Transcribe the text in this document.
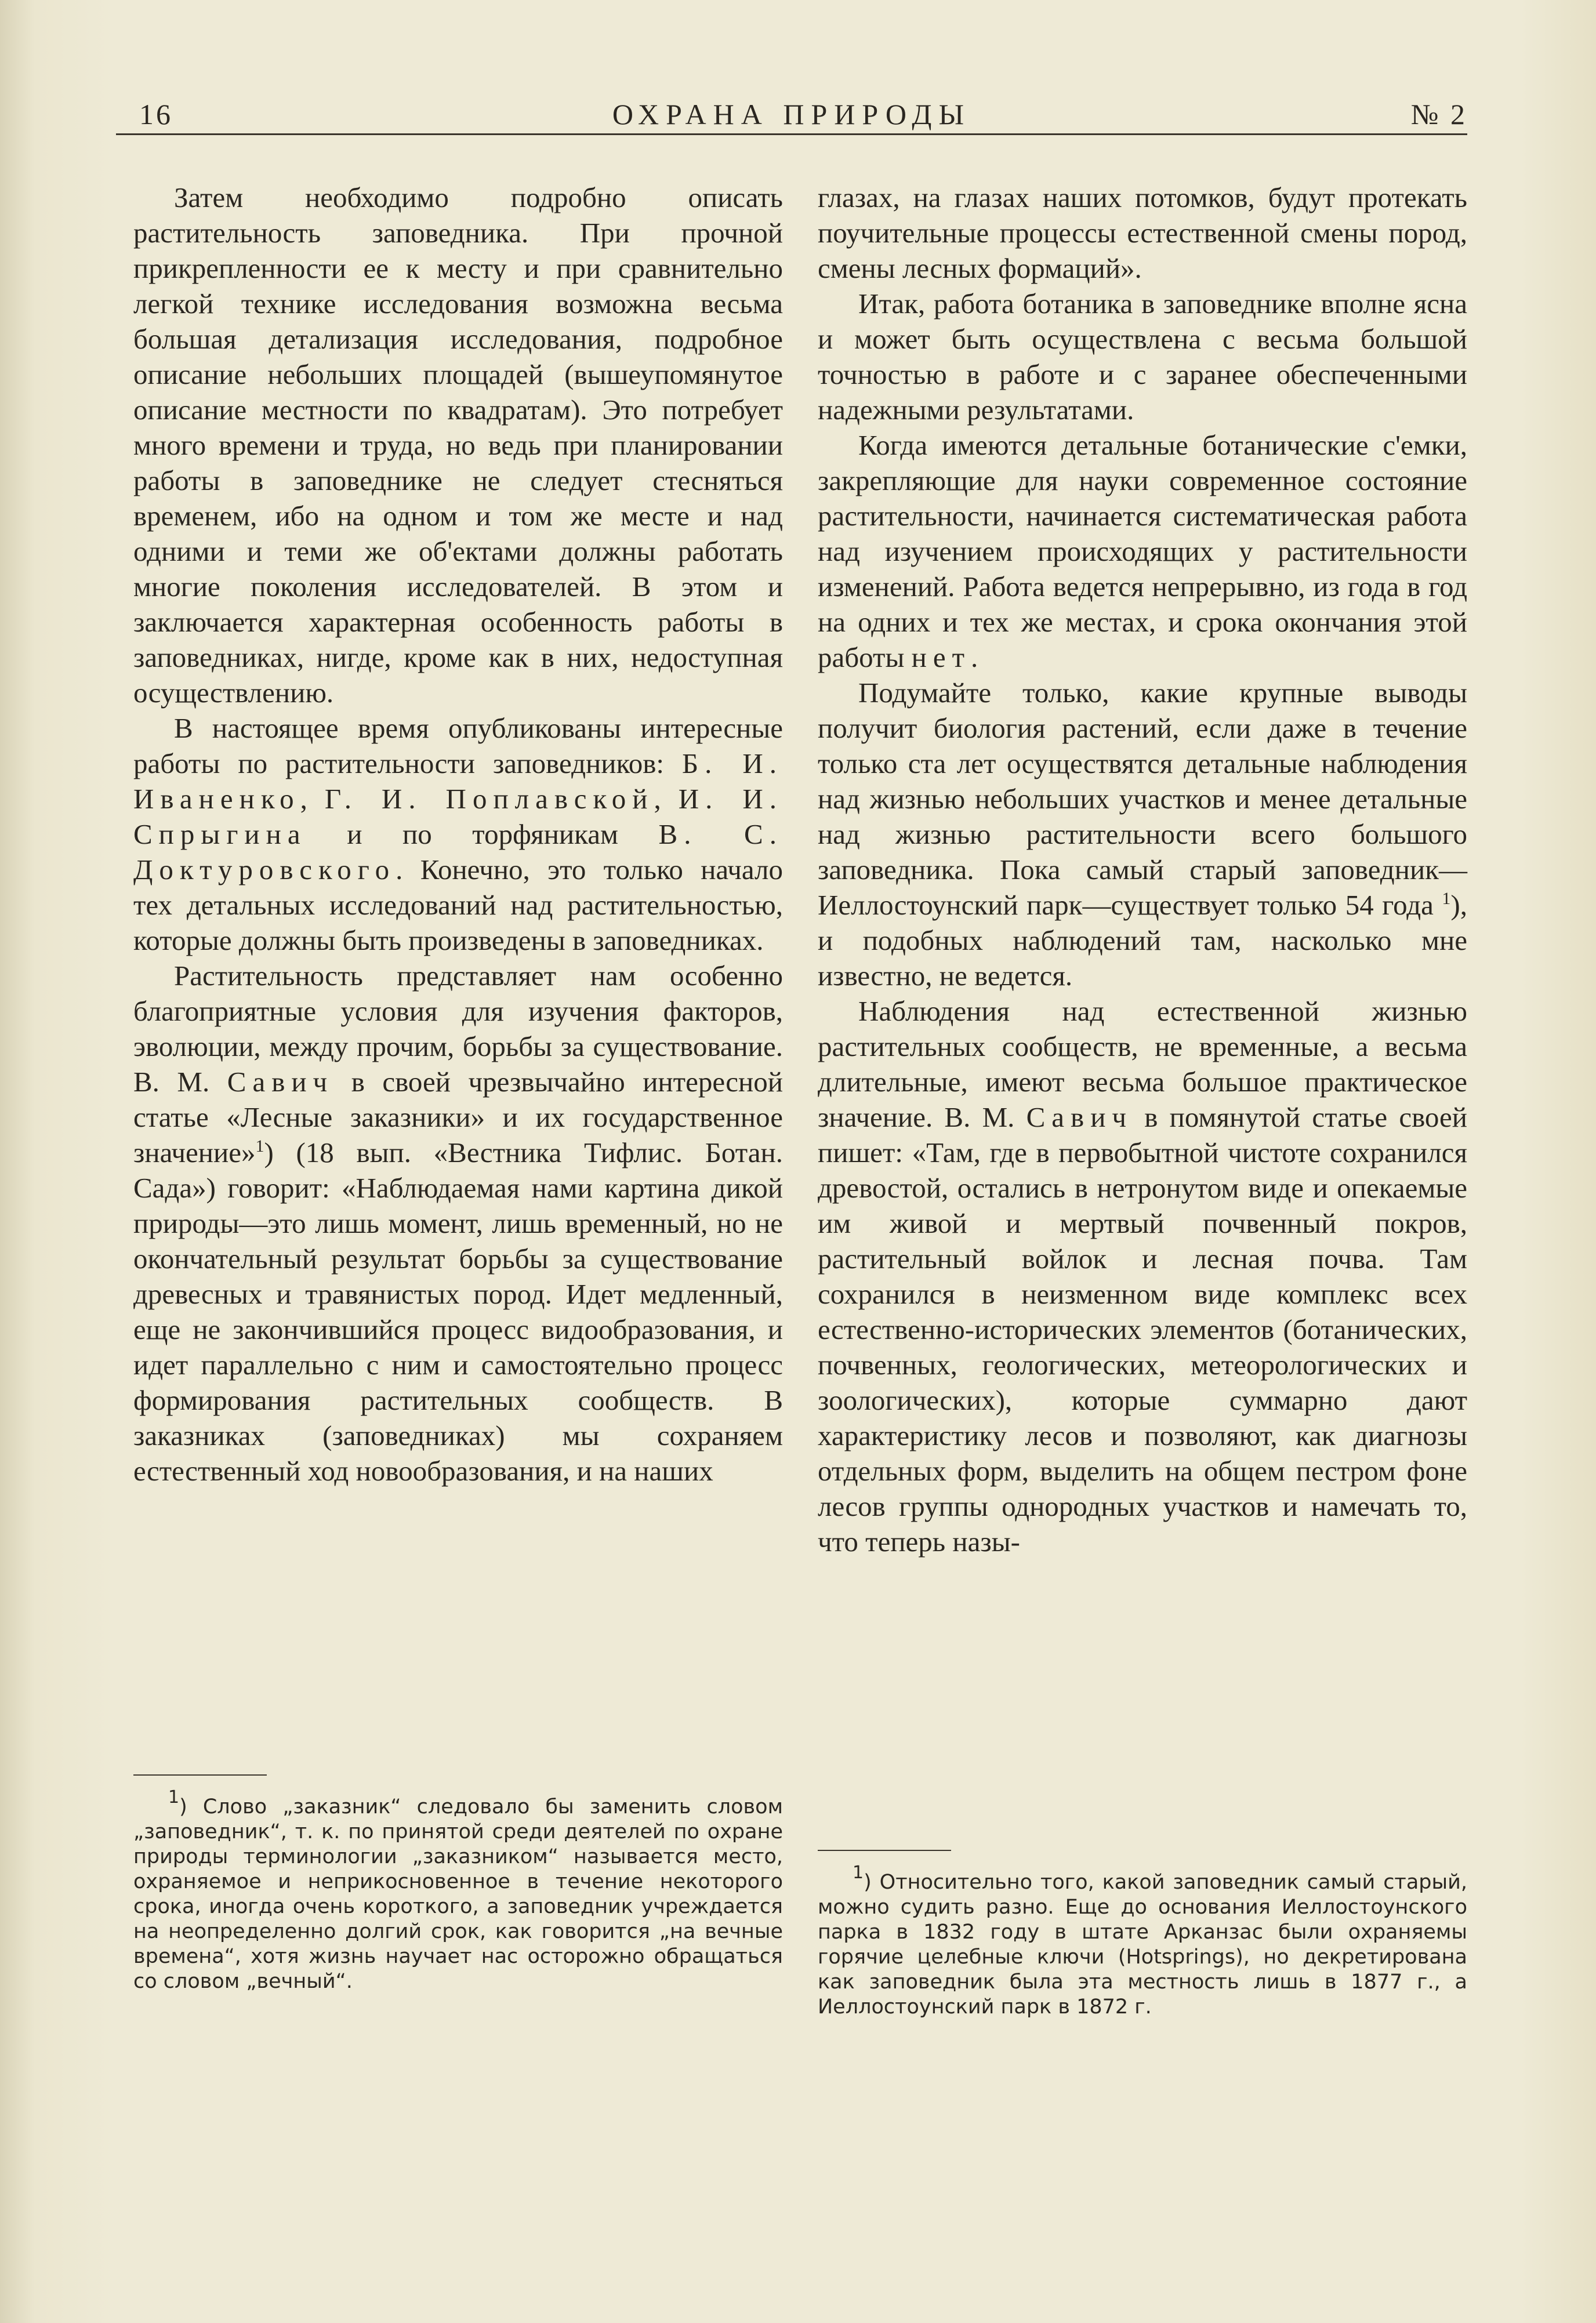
ОХРАНА ПРИРОДЫ
16	№ 2

Затем необходимо подробно описать растительность заповедника. При прочной прикрепленности ее к месту и при сравнительно легкой технике исследования возможна весьма большая детализация исследования, подробное описание небольших площадей (вышеупомянутое описание местности по квадратам). Это потребует много времени и труда, но ведь при планировании работы в заповеднике не следует стесняться временем, ибо на одном и том же месте и над одними и теми же об'ектами должны работать многие поколения исследователей. В этом и заключается характерная особенность работы в заповедниках, нигде, кроме как в них, недоступная осуществлению.

В настоящее время опубликованы интересные работы по растительности заповедников: Б. И. Иваненко, Г. И. Поплавской, И. И. Спрыгина и по торфяникам В. С. Доктуровского. Конечно, это только начало тех детальных исследований над растительностью, которые должны быть произведены в заповедниках.

Растительность представляет нам особенно благоприятные условия для изучения факторов, эволюции, между прочим, борьбы за существование. В. М. Савич в своей чрезвычайно интересной статье «Лесные заказники» и их государственное значение»$^1$) (18 вып. «Вестника Тифлис. Ботан. Сада») говорит: «Наблюдаемая нами картина дикой природы—это лишь момент, лишь временный, но не окончательный результат борьбы за существование древесных и травянистых пород. Идет медленный, еще не закончившийся процесс видообразования, и идет параллельно с ним и самостоятельно процесс формирования растительных сообществ. В заказниках (заповедниках) мы сохраняем естественный ход новообразования, и на наших

$^1$) Слово „заказник“ следовало бы заменить словом „заповедник“, т. к. по принятой среди деятелей по охране природы терминологии „заказником“ называется место, охраняемое и неприкосновенное в течение некоторого срока, иногда очень короткого, а заповедник учреждается на неопределенно долгий срок, как говорится „на вечные времена“, хотя жизнь научает нас осторожно обращаться со словом „вечный“.

глазах, на глазах наших потомков, будут протекать поучительные процессы естественной смены пород, смены лесных формаций».

Итак, работа ботаника в заповеднике вполне ясна и может быть осуществлена с весьма большой точностью в работе и с заранее обеспеченными надежными результатами.

Когда имеются детальные ботанические с'емки, закрепляющие для науки современное состояние растительности, начинается систематическая работа над изучением происходящих у растительности изменений. Работа ведется непрерывно, из года в год на одних и тех же местах, и срока окончания этой работы нет.

Подумайте только, какие крупные выводы получит биология растений, если даже в течение только ста лет осуществятся детальные наблюдения над жизнью небольших участков и менее детальные над жизнью растительности всего большого заповедника. Пока самый старый заповедник—Иеллостоунский парк—существует только 54 года $^1$), и подобных наблюдений там, насколько мне известно, не ведется.

Наблюдения над естественной жизнью растительных сообществ, не временные, а весьма длительные, имеют весьма большое практическое значение. В. М. Савич в помянутой статье своей пишет: «Там, где в первобытной чистоте сохранился древостой, остались в нетронутом виде и опекаемые им живой и мертвый почвенный покров, растительный войлок и лесная почва. Там сохранился в неизменном виде комплекс всех естественно-исторических элементов (ботанических, почвенных, геологических, метеорологических и зоологических), которые суммарно дают характеристику лесов и позволяют, как диагнозы отдельных форм, выделить на общем пестром фоне лесов группы однородных участков и намечать то, что теперь назы-

$^1$) Относительно того, какой заповедник самый старый, можно судить разно. Еще до основания Иеллостоунского парка в 1832 году в штате Арканзас были охраняемы горячие целебные ключи (Hotsprings), но декретирована как заповедник была эта местность лишь в 1877 г., а Иеллостоунский парк в 1872 г.
